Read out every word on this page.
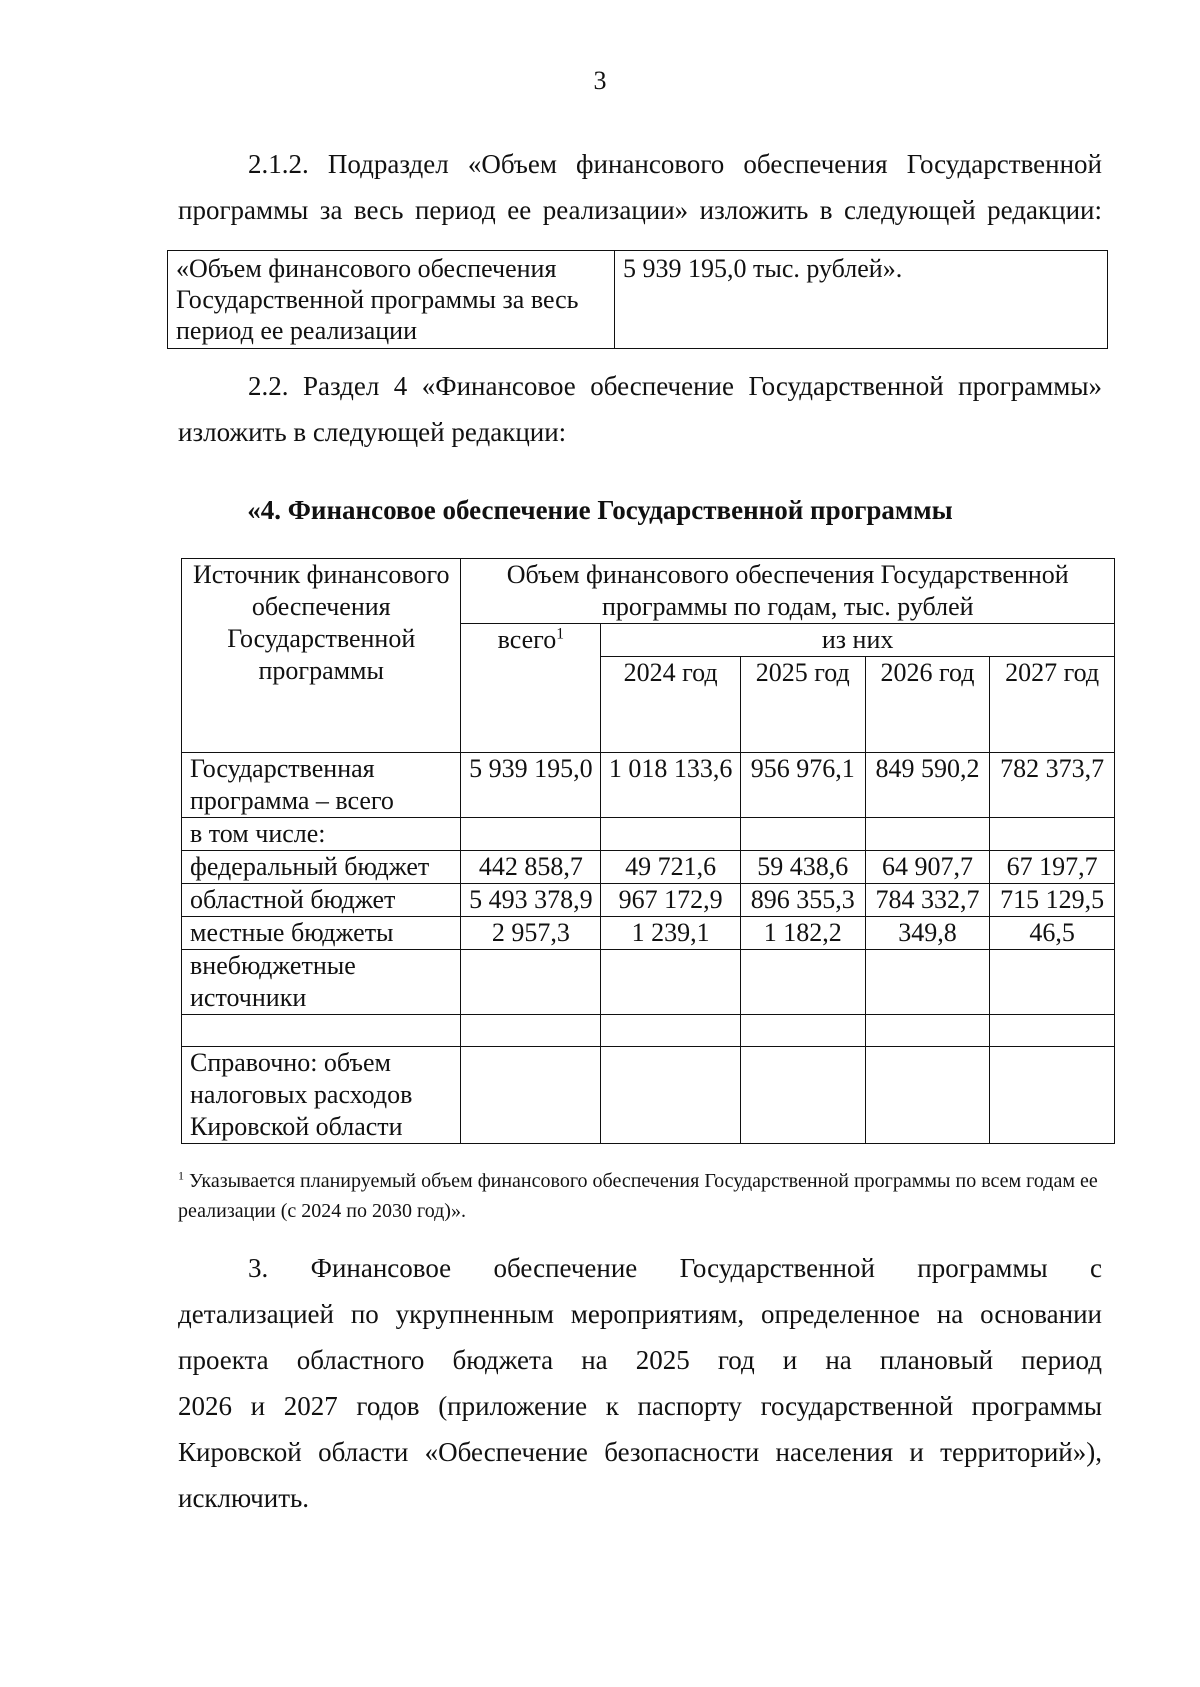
3
2.1.2. Подраздел «Объем финансового обеспечения Государственной
программы за весь период ее реализации» изложить в следующей редакции:
«Объем финансового обеспечения Государственной программы за весь период ее реализации	5 939 195,0 тыс. рублей».
2.2. Раздел 4 «Финансовое обеспечение Государственной программы»
изложить в следующей редакции:
«4. Финансовое обеспечение Государственной программы
Источник финансового обеспечения Государственной программы	Объем финансового обеспечения Государственной программы по годам, тыс. рублей				
	всего$^1$	из них			
		2024 год	2025 год	2026 год	2027 год
Государственная программа – всего	5 939 195,0	1 018 133,6	956 976,1	849 590,2	782 373,7
в том числе:					
федеральный бюджет	442 858,7	49 721,6	59 438,6	64 907,7	67 197,7
областной бюджет	5 493 378,9	967 172,9	896 355,3	784 332,7	715 129,5
местные бюджеты	2 957,3	1 239,1	1 182,2	349,8	46,5
внебюджетные источники					

Справочно: объем налоговых расходов Кировской области					
$^1$ Указывается планируемый объем финансового обеспечения Государственной программы по всем годам ее реализации (с 2024 по 2030 год)».
3. Финансовое обеспечение Государственной программы с
детализацией по укрупненным мероприятиям, определенное на основании
проекта областного бюджета на 2025 год и на плановый период
2026 и 2027 годов (приложение к паспорту государственной программы
Кировской области «Обеспечение безопасности населения и территорий»),
исключить.
